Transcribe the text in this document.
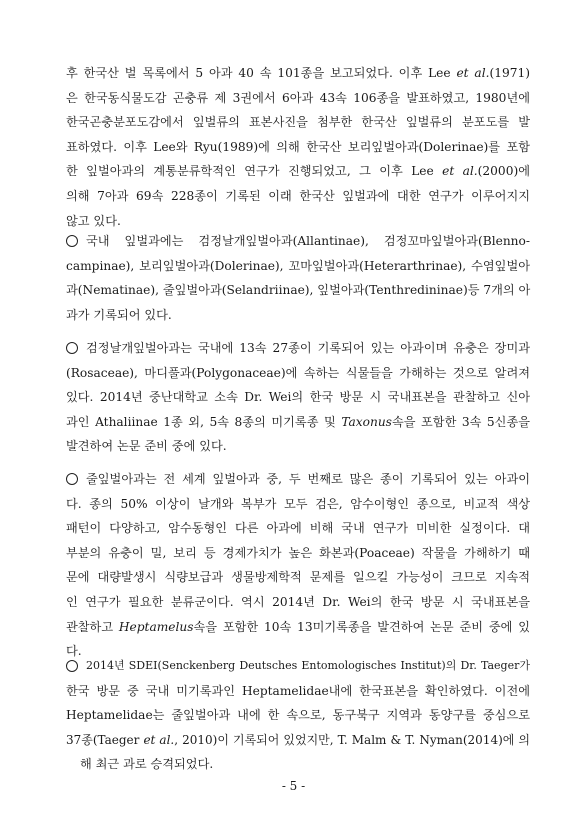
후 한국산 벌 목록에서 5 아과 40 속 101종을 보고되었다. 이후 Lee et al.(1971)
은 한국동식물도감 곤충류 제 3권에서 6아과 43속 106종을 발표하였고, 1980년에
한국곤충분포도감에서 잎벌류의 표본사진을 첨부한 한국산 잎벌류의 분포도를 발
표하였다. 이후 Lee와 Ryu(1989)에 의해 한국산 보리잎벌아과(Dolerinae)를 포함
한 잎벌아과의 계통분류학적인 연구가 진행되었고, 그 이후 Lee et al.(2000)에
의해 7아과 69속 228종이 기록된 이래 한국산 잎벌과에 대한 연구가 이루어지지
않고 있다.
국내 잎벌과에는 검정날개잎벌아과(Allantinae), 검정꼬마잎벌아과(Blenno-
campinae), 보리잎벌아과(Dolerinae), 꼬마잎벌아과(Heterarthrinae), 수염잎벌아
과(Nematinae), 줄잎벌아과(Selandriinae), 잎벌아과(Tenthredininae)등 7개의 아
과가 기록되어 있다.
검정날개잎벌아과는 국내에 13속 27종이 기록되어 있는 아과이며 유충은 장미과
(Rosaceae), 마디풀과(Polygonaceae)에 속하는 식물들을 가해하는 것으로 알려져
있다. 2014년 중난대학교 소속 Dr. Wei의 한국 방문 시 국내표본을 관찰하고 신아
과인 Athaliinae 1종 외, 5속 8종의 미기록종 및 Taxonus속을 포함한 3속 5신종을
발견하여 논문 준비 중에 있다.
줄잎벌아과는 전 세계 잎벌아과 중, 두 번째로 많은 종이 기록되어 있는 아과이
다. 종의 50% 이상이 날개와 복부가 모두 검은, 암수이형인 종으로, 비교적 색상
패턴이 다양하고, 암수동형인 다른 아과에 비해 국내 연구가 미비한 실정이다. 대
부분의 유충이 밀, 보리 등 경제가치가 높은 화본과(Poaceae) 작물을 가해하기 때
문에 대량발생시 식량보급과 생물방제학적 문제를 일으킬 가능성이 크므로 지속적
인 연구가 필요한 분류군이다. 역시 2014년 Dr. Wei의 한국 방문 시 국내표본을
관찰하고 Heptamelus속을 포함한 10속 13미기록종을 발견하여 논문 준비 중에 있
다.
2014년 SDEI(Senckenberg Deutsches Entomologisches Institut)의 Dr. Taeger가
한국 방문 중 국내 미기록과인 Heptamelidae내에 한국표본을 확인하였다. 이전에
Heptamelidae는 줄잎벌아과 내에 한 속으로, 동구북구 지역과 동양구를 중심으로
37종(Taeger et al., 2010)이 기록되어 있었지만, T. Malm & T. Nyman(2014)에 의
해 최근 과로 승격되었다.
- 5 -
